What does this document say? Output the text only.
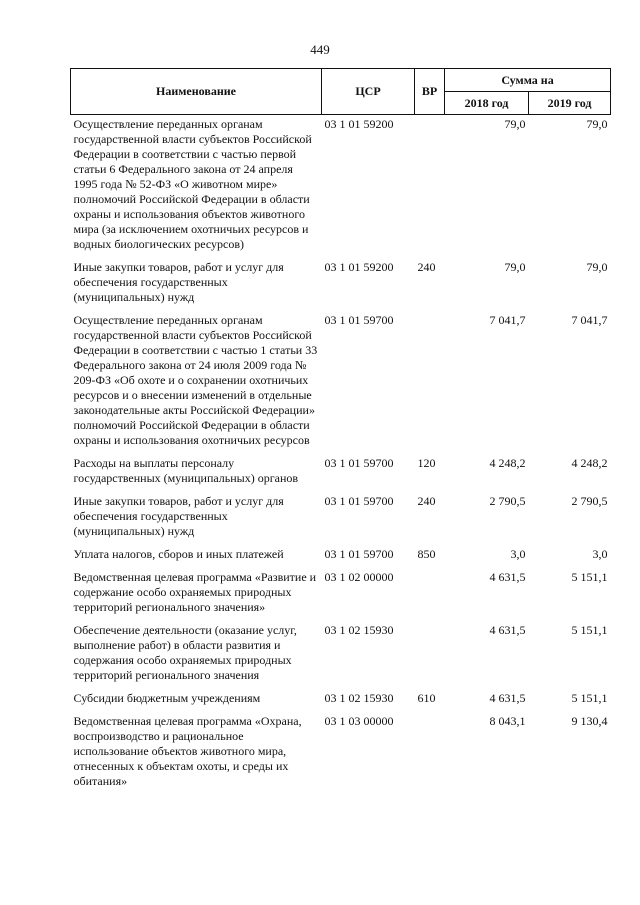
449
Наименование	ЦСР	ВР	Сумма на	
			2018 год	2019 год
Осуществление переданных органам государственной власти субъектов Российской Федерации в соответствии с частью первой статьи 6 Федерального закона от 24 апреля 1995 года № 52-ФЗ «О животном мире» полномочий Российской Федерации в области охраны и использования объектов животного мира (за исключением охотничьих ресурсов и водных биологических ресурсов)	03 1 01 59200		79,0	79,0
Иные закупки товаров, работ и услуг для обеспечения государственных (муниципальных) нужд	03 1 01 59200	240	79,0	79,0
Осуществление переданных органам государственной власти субъектов Российской Федерации в соответствии с частью 1 статьи 33 Федерального закона от 24 июля 2009 года № 209-ФЗ «Об охоте и о сохранении охотничьих ресурсов и о внесении изменений в отдельные законодательные акты Российской Федерации» полномочий Российской Федерации в области охраны и использования охотничьих ресурсов	03 1 01 59700		7 041,7	7 041,7
Расходы на выплаты персоналу государственных (муниципальных) органов	03 1 01 59700	120	4 248,2	4 248,2
Иные закупки товаров, работ и услуг для обеспечения государственных (муниципальных) нужд	03 1 01 59700	240	2 790,5	2 790,5
Уплата налогов, сборов и иных платежей	03 1 01 59700	850	3,0	3,0
Ведомственная целевая программа «Развитие и содержание особо охраняемых природных территорий регионального значения»	03 1 02 00000		4 631,5	5 151,1
Обеспечение деятельности (оказание услуг, выполнение работ) в области развития и содержания особо охраняемых природных территорий регионального значения	03 1 02 15930		4 631,5	5 151,1
Субсидии бюджетным учреждениям	03 1 02 15930	610	4 631,5	5 151,1
Ведомственная целевая программа «Охрана, воспроизводство и рациональное использование объектов животного мира, отнесенных к объектам охоты, и среды их обитания»	03 1 03 00000		8 043,1	9 130,4
